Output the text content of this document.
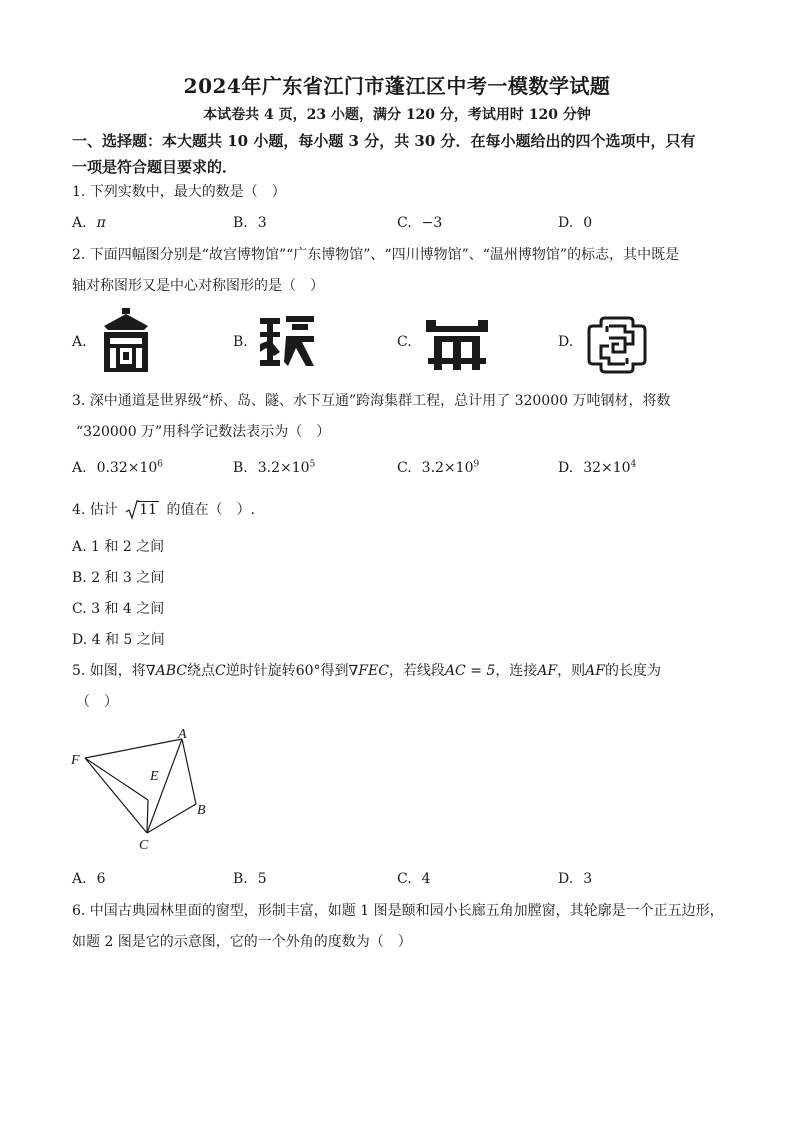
2024年广东省江门市蓬江区中考一模数学试题
本试卷共 4 页，23 小题，满分 120 分，考试用时 120 分钟
一、选择题：本大题共 10 小题，每小题 3 分，共 30 分．在每小题给出的四个选项中，只有
一项是符合题目要求的．
1. 下列实数中，最大的数是（　）
A. π	B. 3	C. −3	D. 0
2. 下面四幅图分别是“故宫博物馆”“广东博物馆”、“四川博物馆”、“温州博物馆”的标志，其中既是
轴对称图形又是中心对称图形的是（　）
A.	B.	C.	D.
3. 深中通道是世界级“桥、岛、隧、水下互通”跨海集群工程，总计用了 320000 万吨钢材，将数
“320000 万”用科学记数法表示为（　）
A. $0.32\times 10^6$	B. $3.2\times 10^5$	C. $3.2\times 10^9$	D. $32\times 10^4$
4. 估计 11 的值在（　）.
A. 1 和 2 之间
B. 2 和 3 之间
C. 3 和 4 之间
D. 4 和 5 之间
5. 如图，将∇ABC绕点C逆时针旋转60°得到∇FEC，若线段AC = 5，连接AF，则AF的长度为
（　）
A
B
C
E
F
A. 6	B. 5	C. 4	D. 3
6. 中国古典园林里面的窗型，形制丰富，如题 1 图是颐和园小长廊五角加膛窗，其轮廓是一个正五边形，
如题 2 图是它的示意图，它的一个外角的度数为（　）
